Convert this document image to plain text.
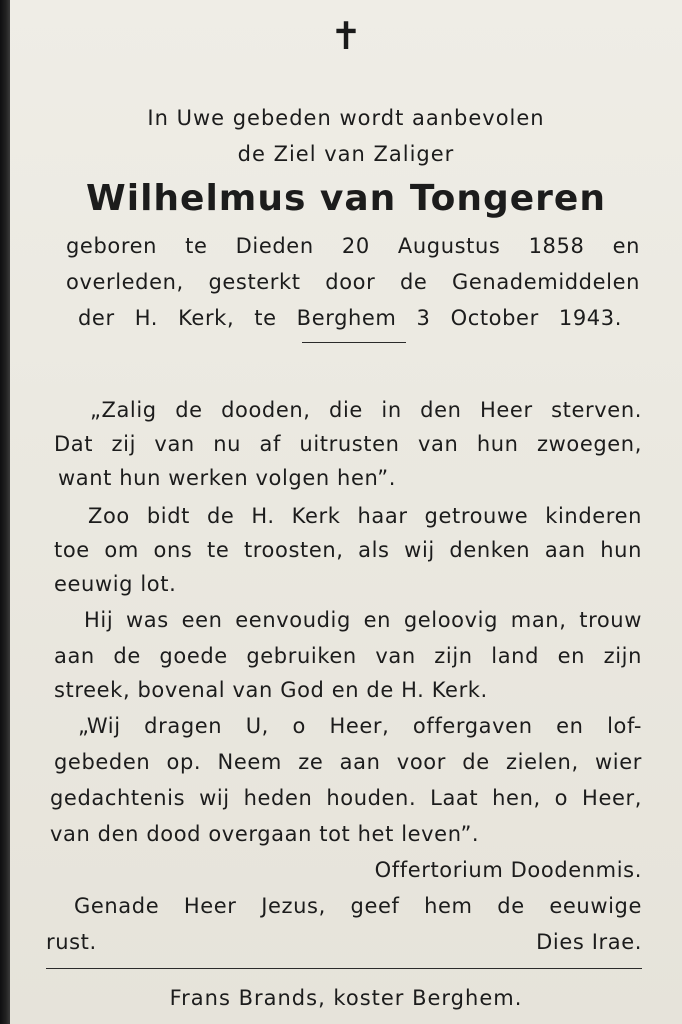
✝
In Uwe gebeden wordt aanbevolen
de Ziel van Zaliger
Wilhelmus van Tongeren
geboren te Dieden 20 Augustus 1858 en
overleden, gesterkt door de Genademiddelen
der H. Kerk, te Berghem 3 October 1943.
„Zalig de dooden, die in den Heer sterven.
Dat zij van nu af uitrusten van hun zwoegen,
want hun werken volgen hen”.
Zoo bidt de H. Kerk haar getrouwe kinderen
toe om ons te troosten, als wij denken aan hun
eeuwig lot.
Hij was een eenvoudig en geloovig man, trouw
aan de goede gebruiken van zijn land en zijn
streek, bovenal van God en de H. Kerk.
„Wij dragen U, o Heer, offergaven en lof-
gebeden op. Neem ze aan voor de zielen, wier
gedachtenis wij heden houden. Laat hen, o Heer,
van den dood overgaan tot het leven”.
Offertorium Doodenmis.
Genade Heer Jezus, geef hem de eeuwige
rust.	Dies Irae.
Frans Brands, koster Berghem.
